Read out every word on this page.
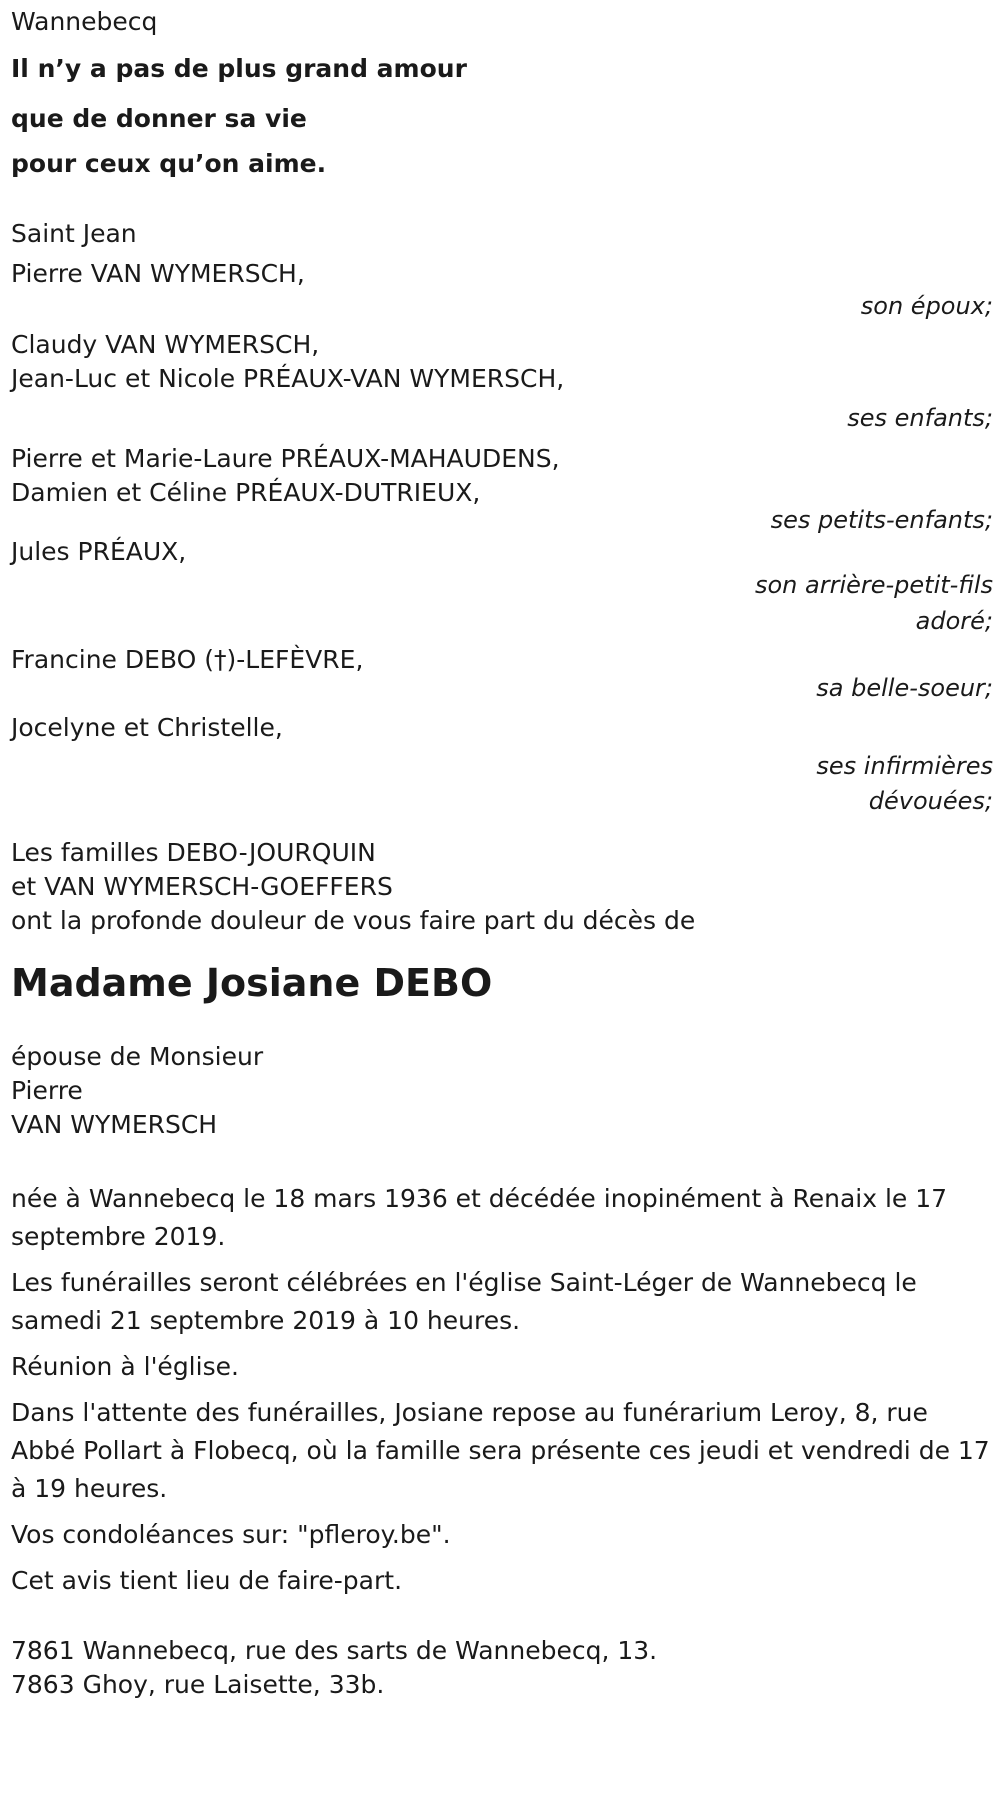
Wannebecq
Il n’y a pas de plus grand amour
que de donner sa vie
pour ceux qu’on aime.
Saint Jean
Pierre VAN WYMERSCH,
son époux;
Claudy VAN WYMERSCH,
Jean-Luc et Nicole PRÉAUX-VAN WYMERSCH,
ses enfants;
Pierre et Marie-Laure PRÉAUX-MAHAUDENS,
Damien et Céline PRÉAUX-DUTRIEUX,
ses petits-enfants;
Jules PRÉAUX,
son arrière-petit-fils
adoré;
Francine DEBO (†)-LEFÈVRE,
sa belle-soeur;
Jocelyne et Christelle,
ses infirmières
dévouées;
Les familles DEBO-JOURQUIN
et VAN WYMERSCH-GOEFFERS
ont la profonde douleur de vous faire part du décès de
Madame Josiane DEBO
épouse de Monsieur
Pierre
VAN WYMERSCH
née à Wannebecq le 18 mars 1936 et décédée inopinément à Renaix le 17 septembre 2019.
Les funérailles seront célébrées en l'église Saint-Léger de Wannebecq le samedi 21 septembre 2019 à 10 heures.
Réunion à l'église.
Dans l'attente des funérailles, Josiane repose au funérarium Leroy, 8, rue Abbé Pollart à Flobecq, où la famille sera présente ces jeudi et vendredi de 17 à 19 heures.
Vos condoléances sur: "pfleroy.be".
Cet avis tient lieu de faire-part.
7861 Wannebecq, rue des sarts de Wannebecq, 13.
7863 Ghoy, rue Laisette, 33b.
